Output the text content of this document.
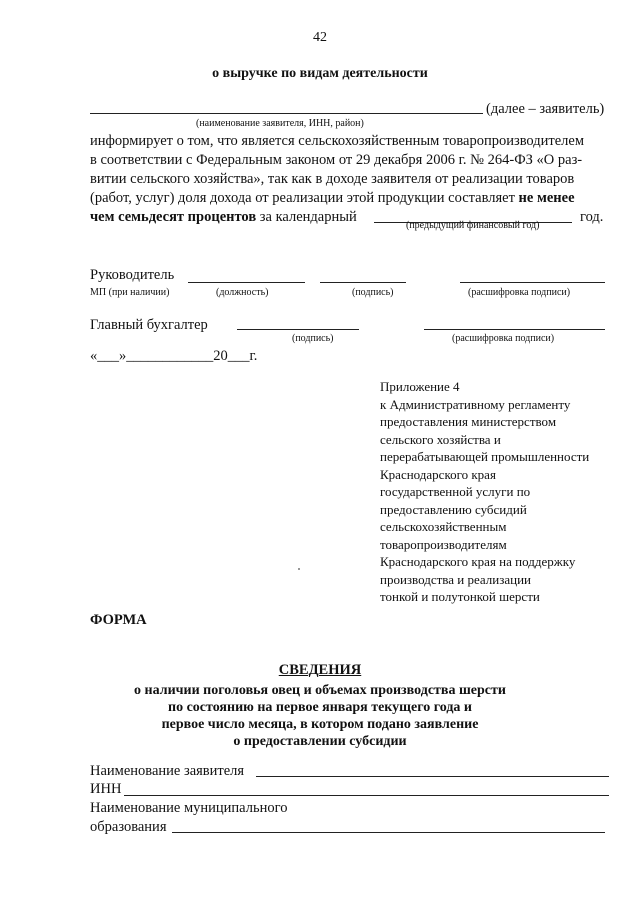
42
о выручке по видам деятельности
(далее – заявитель)
(наименование заявителя, ИНН, район)
информирует о том, что является сельскохозяйственным товаропроизводителем
в соответствии с Федеральным законом от 29 декабря 2006 г. № 264-ФЗ «О раз-
витии сельского хозяйства», так как в доходе заявителя от реализации товаров
(работ, услуг) доля дохода от реализации этой продукции составляет не менее
чем семьдесят процентов за календарный	год.
(предыдущий финансовый год)
Руководитель
МП (при наличии)	(должность)	(подпись)	(расшифровка подписи)
Главный бухгалтер
(подпись)	(расшифровка подписи)
«___»____________20___г.
Приложение 4
к Административному регламенту
предоставления министерством
сельского хозяйства и
перерабатывающей промышленности
Краснодарского края
государственной услуги по
предоставлению субсидий
сельскохозяйственным
товаропроизводителям
Краснодарского края на поддержку
производства и реализации
тонкой и полутонкой шерсти
ФОРМА
СВЕДЕНИЯ
о наличии поголовья овец и объемах производства шерсти
по состоянию на первое января текущего года и
первое число месяца, в котором подано заявление
о предоставлении субсидии
Наименование заявителя
ИНН
Наименование муниципального
образования
